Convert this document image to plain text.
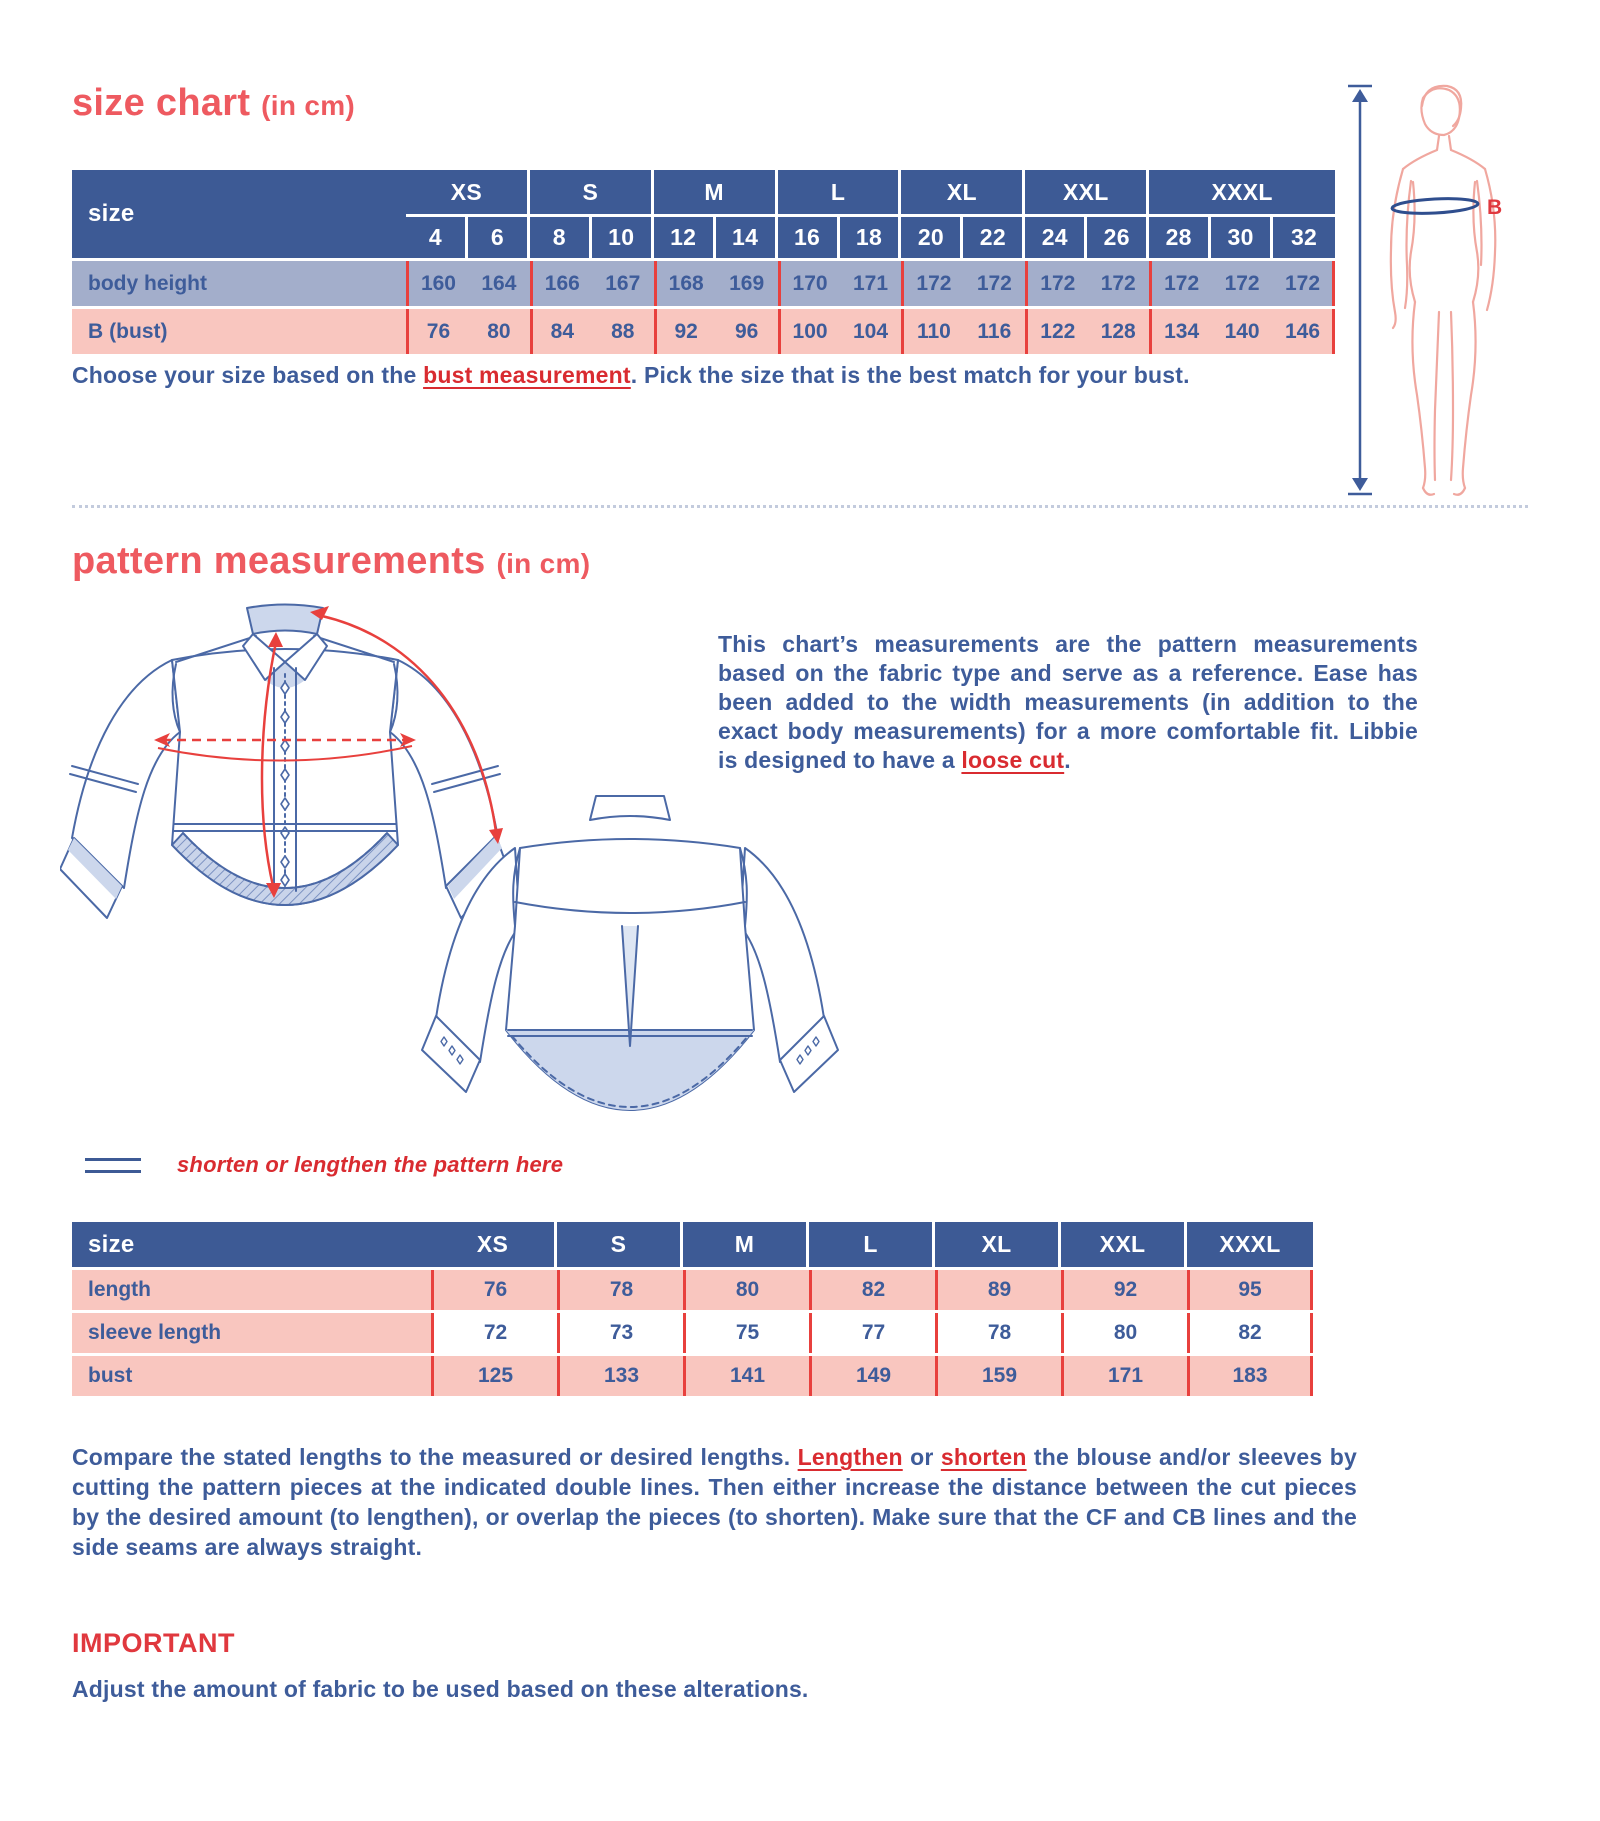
size chart (in cm)
size
XS	S	M	L	XL	XXL	XXXL
4	6	8	10	12	14	16	18	20	22	24	26	28	30	32
body height	160	164	166	167	168	169	170	171	172	172	172	172	172	172	172
B (bust)	76	80	84	88	92	96	100	104	110	116	122	128	134	140	146

Choose your size based on the bust measurement. Pick the size that is the best match for your bust.

B
pattern measurements (in cm)

This chart’s measurements are the pattern measurements based on the fabric type and serve as a reference. Ease has been added to the width measurements (in addition to the exact body measurements) for a more comfortable fit. Libbie is designed to have a loose cut.

shorten or lengthen the pattern here
size	XS	S	M	L	XL	XXL	XXXL
length	76	78	80	82	89	92	95
sleeve length	72	73	75	77	78	80	82
bust	125	133	141	149	159	171	183

Compare the stated lengths to the measured or desired lengths. Lengthen or shorten the blouse and/or sleeves by cutting the pattern pieces at the indicated double lines. Then either increase the distance between the cut pieces by the desired amount (to lengthen), or overlap the pieces (to shorten). Make sure that the CF and CB lines and the side seams are always straight.

IMPORTANT

Adjust the amount of fabric to be used based on these alterations.
